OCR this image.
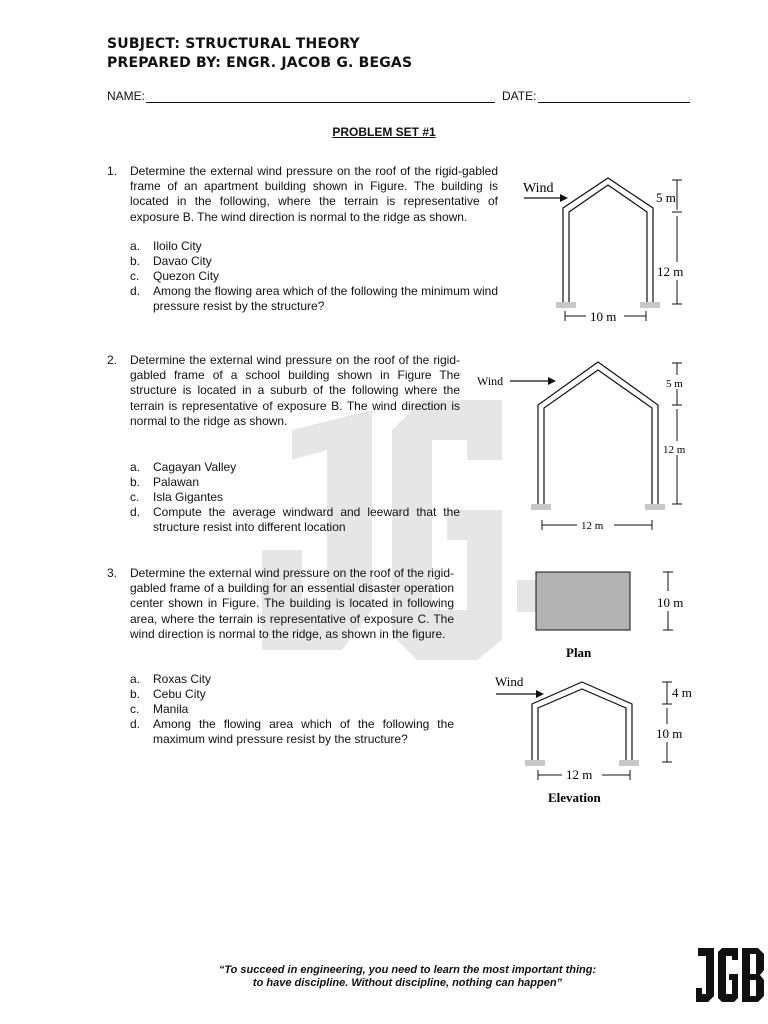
SUBJECT: STRUCTURAL THEORY
PREPARED BY: ENGR. JACOB G. BEGAS
NAME:	DATE:
PROBLEM SET #1
1. Determine the external wind pressure on the roof of the rigid-gabled frame of an apartment building shown in Figure. The building is located in the following, where the terrain is representative of exposure B. The wind direction is normal to the ridge as shown.
a. Iloilo City
b. Davao City
c. Quezon City
d. Among the flowing area which of the following the minimum wind pressure resist by the structure?
Wind
5 m
12 m
10 m
2. Determine the external wind pressure on the roof of the rigid-gabled frame of a school building shown in Figure The structure is located in a suburb of the following where the terrain is representative of exposure B. The wind direction is normal to the ridge as shown.
a. Cagayan Valley
b. Palawan
c. Isla Gigantes
d. Compute the average windward and leeward that the structure resist into different location
Wind	5 m
12 m
12 m
3. Determine the external wind pressure on the roof of the rigid-gabled frame of a building for an essential disaster operation center shown in Figure. The building is located in following area, where the terrain is representative of exposure C. The wind direction is normal to the ridge, as shown in the figure.
a. Roxas City
b. Cebu City
c. Manila
d. Among the flowing area which of the following the maximum wind pressure resist by the structure?
10 m
Plan
Wind
4 m
10 m
12 m
Elevation
“To succeed in engineering, you need to learn the most important thing:
to have discipline. Without discipline, nothing can happen”
